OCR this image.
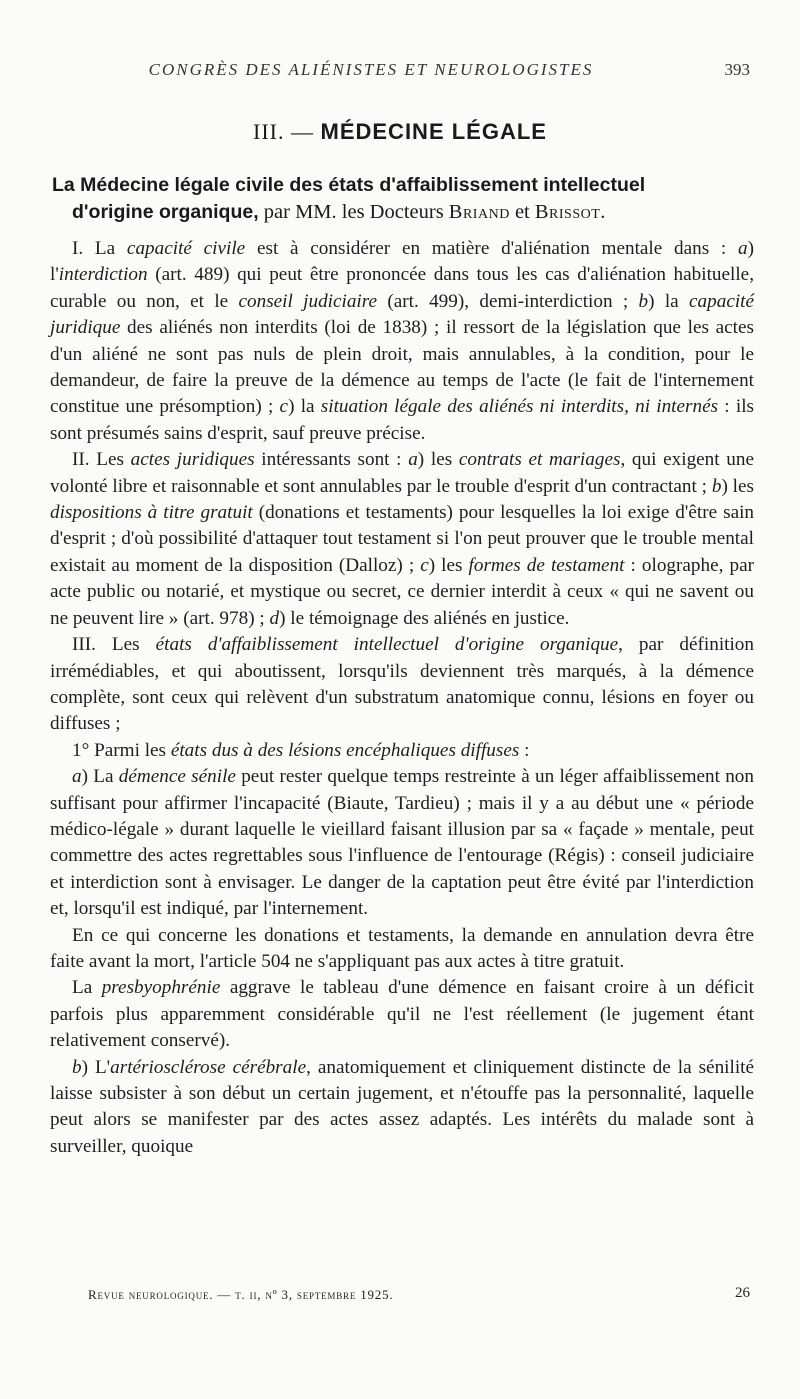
CONGRÈS DES ALIÉNISTES ET NEUROLOGISTES	393
III. — MÉDECINE LÉGALE
La Médecine légale civile des états d'affaiblissement intellectuel
d'origine organique, par MM. les Docteurs Briand et Brissot.

I. La capacité civile est à considérer en matière d'aliénation mentale dans : a) l'interdiction (art. 489) qui peut être prononcée dans tous les cas d'aliénation habituelle, curable ou non, et le conseil judiciaire (art. 499), demi-interdiction ; b) la capacité juridique des aliénés non interdits (loi de 1838) ; il ressort de la législation que les actes d'un aliéné ne sont pas nuls de plein droit, mais annulables, à la condition, pour le demandeur, de faire la preuve de la démence au temps de l'acte (le fait de l'internement constitue une présomption) ; c) la situation légale des aliénés ni interdits, ni internés : ils sont présumés sains d'esprit, sauf preuve précise.

II. Les actes juridiques intéressants sont : a) les contrats et mariages, qui exigent une volonté libre et raisonnable et sont annulables par le trouble d'esprit d'un contractant ; b) les dispositions à titre gratuit (donations et testaments) pour lesquelles la loi exige d'être sain d'esprit ; d'où possibilité d'attaquer tout testament si l'on peut prouver que le trouble mental existait au moment de la disposition (Dalloz) ; c) les formes de testament : olographe, par acte public ou notarié, et mystique ou secret, ce dernier interdit à ceux « qui ne savent ou ne peuvent lire » (art. 978) ; d) le témoignage des aliénés en justice.

III. Les états d'affaiblissement intellectuel d'origine organique, par définition irrémédiables, et qui aboutissent, lorsqu'ils deviennent très marqués, à la démence complète, sont ceux qui relèvent d'un substratum anatomique connu, lésions en foyer ou diffuses ;

1° Parmi les états dus à des lésions encéphaliques diffuses :

a) La démence sénile peut rester quelque temps restreinte à un léger affaiblissement non suffisant pour affirmer l'incapacité (Biaute, Tardieu) ; mais il y a au début une « période médico-légale » durant laquelle le vieillard faisant illusion par sa « façade » mentale, peut commettre des actes regrettables sous l'influence de l'entourage (Régis) : conseil judiciaire et interdiction sont à envisager. Le danger de la captation peut être évité par l'interdiction et, lorsqu'il est indiqué, par l'internement.

En ce qui concerne les donations et testaments, la demande en annulation devra être faite avant la mort, l'article 504 ne s'appliquant pas aux actes à titre gratuit.

La presbyophrénie aggrave le tableau d'une démence en faisant croire à un déficit parfois plus apparemment considérable qu'il ne l'est réellement (le jugement étant relativement conservé).

b) L'artériosclérose cérébrale, anatomiquement et cliniquement distincte de la sénilité laisse subsister à son début un certain jugement, et n'étouffe pas la personnalité, laquelle peut alors se manifester par des actes assez adaptés. Les intérêts du malade sont à surveiller, quoique

Revue neurologique. — t. ii, nº 3, septembre 1925.	26
